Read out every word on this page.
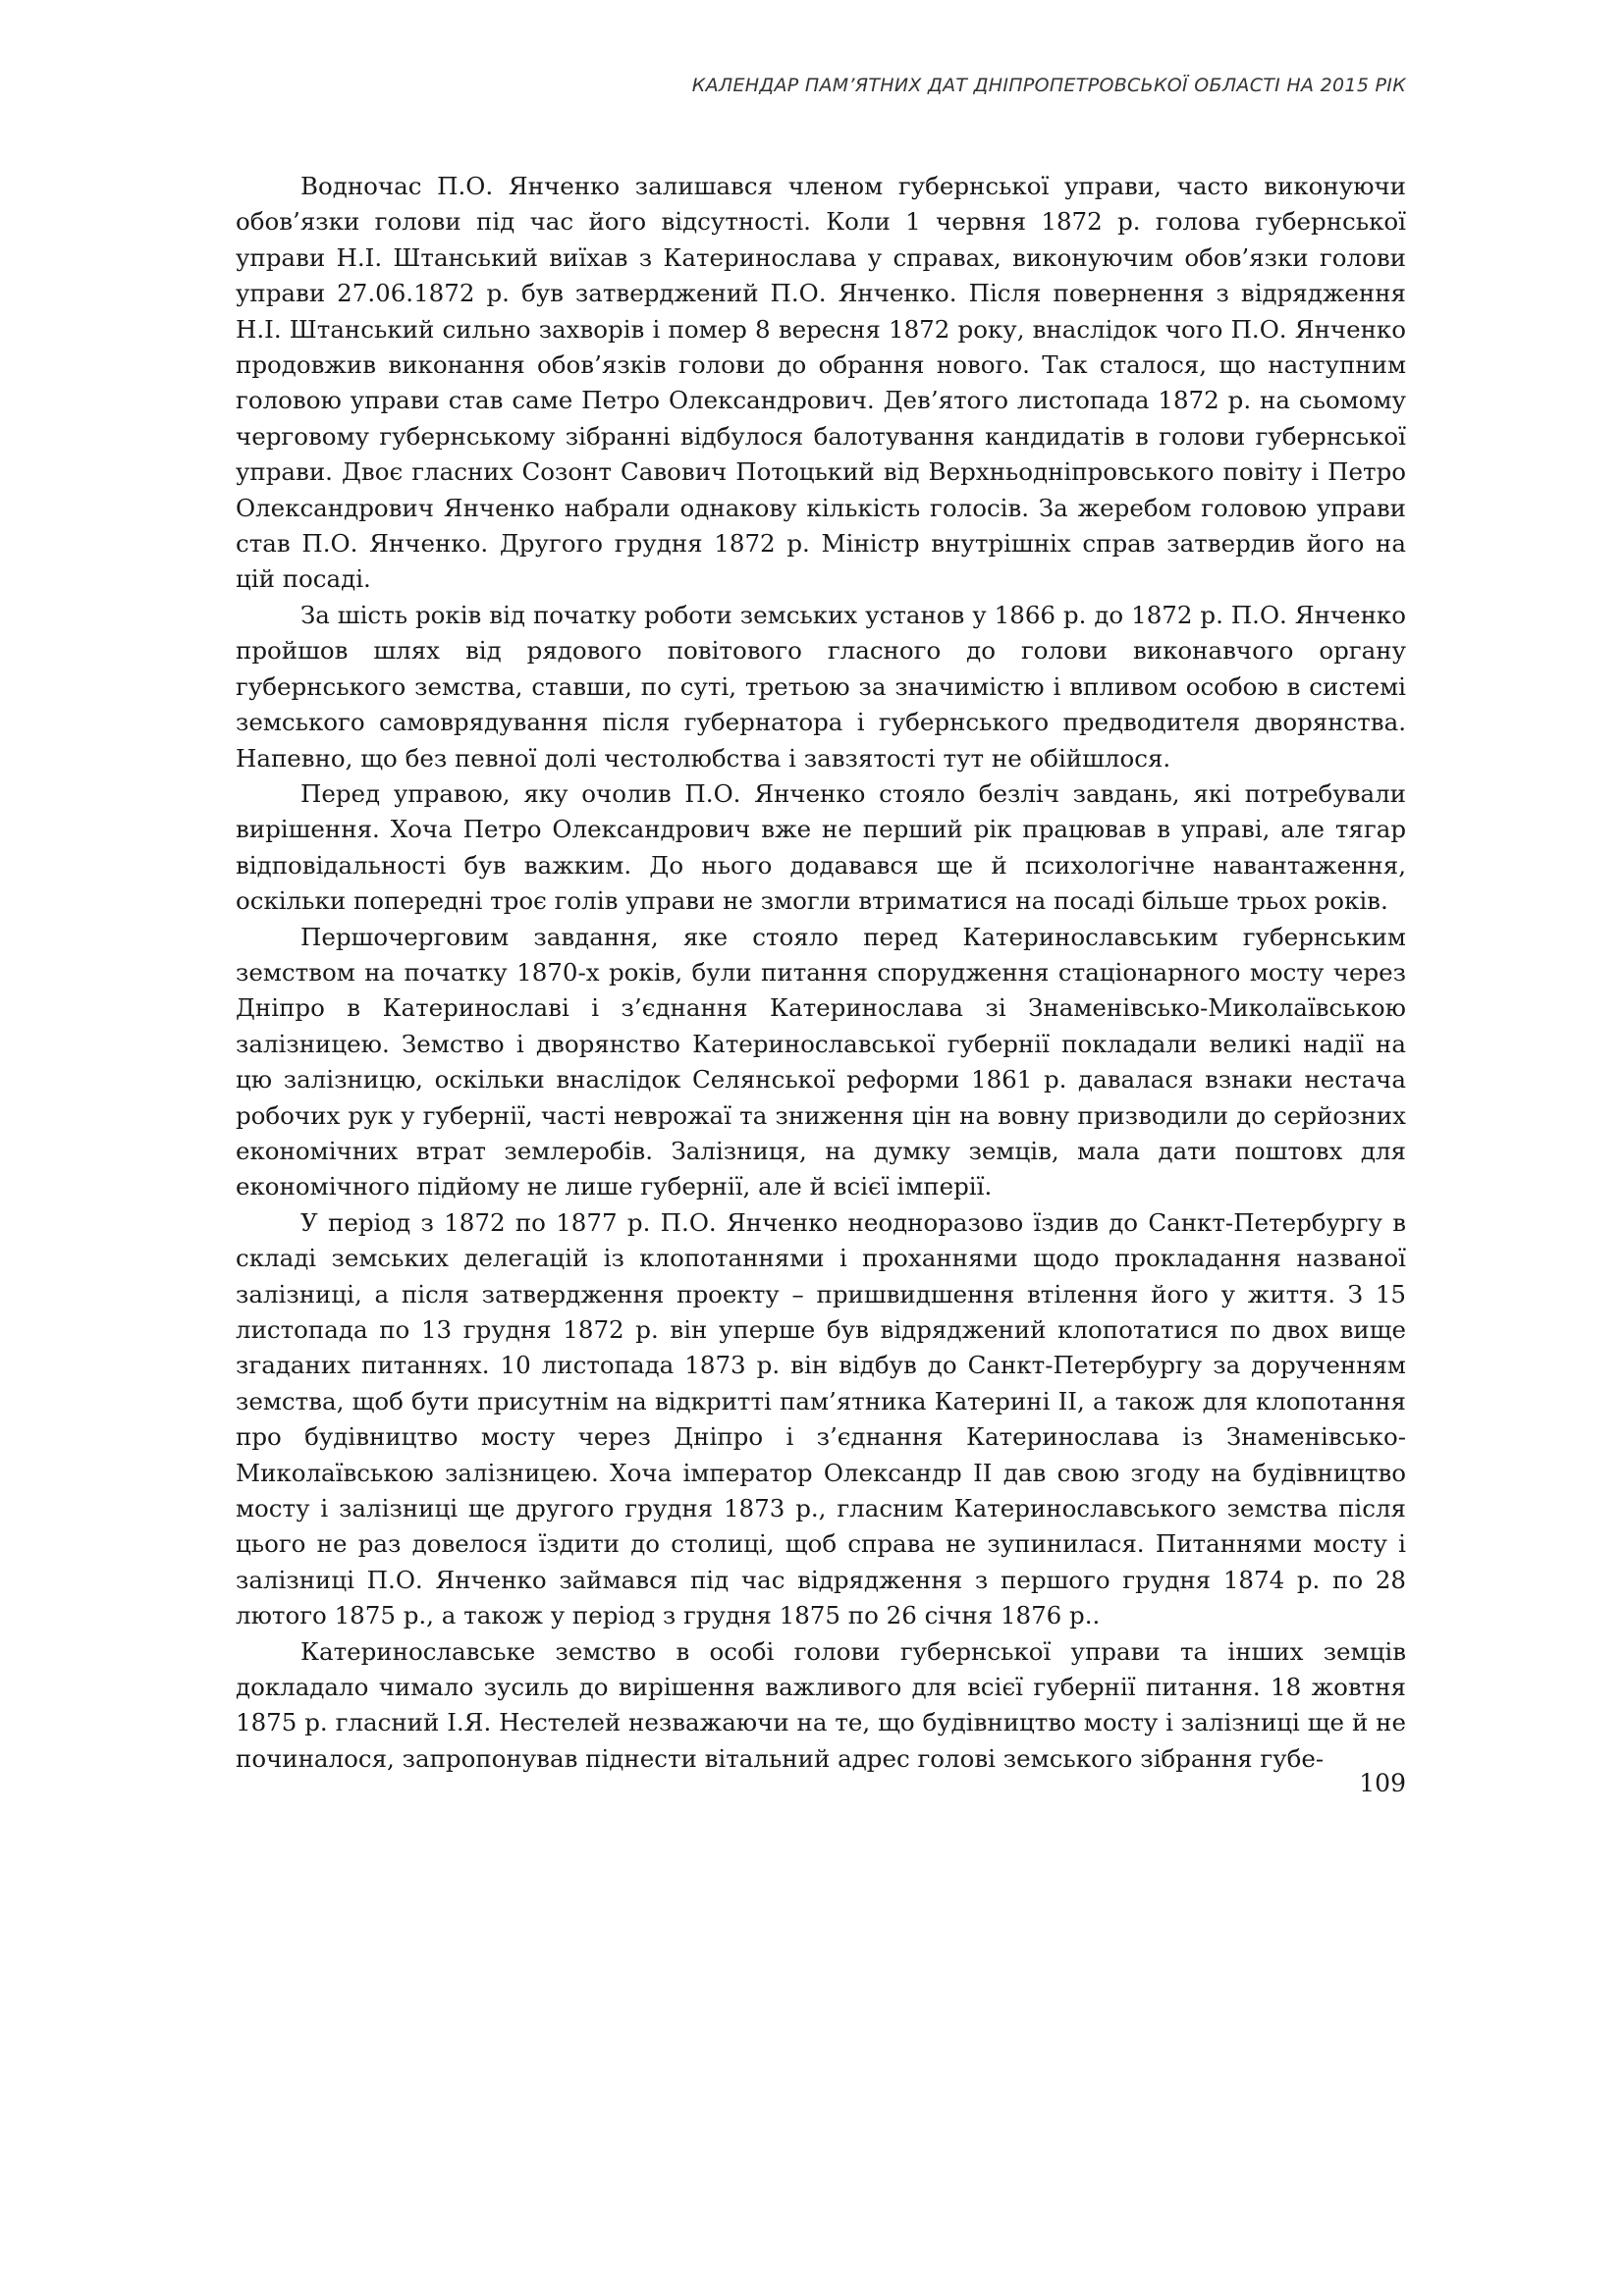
КАЛЕНДАР ПАМ’ЯТНИХ ДАТ ДНІПРОПЕТРОВСЬКОЇ ОБЛАСТІ НА 2015 РІК

Водночас П.О. Янченко залишався членом губернської управи, часто виконуючи обов’язки голови під час його відсутності. Коли 1 червня 1872 р. голова губернської управи Н.І. Штанський виїхав з Катеринослава у справах, виконуючим обов’язки голови управи 27.06.1872 р. був затверджений П.О. Янченко. Після повернення з відрядження Н.І. Штанський сильно захворів і помер 8 вересня 1872 року, внаслідок чого П.О. Янченко продовжив виконання обов’язків голови до обрання нового. Так сталося, що наступним головою управи став саме Петро Олександрович. Дев’ятого листопада 1872 р. на сьомому черговому губернському зібранні відбулося балотування кандидатів в голови губернської управи. Двоє гласних Созонт Савович Потоцький від Верхньодніпровського повіту і Петро Олександрович Янченко набрали однакову кількість голосів. За жеребом головою управи став П.О. Янченко. Другого грудня 1872 р. Міністр внутрішніх справ затвердив його на цій посаді.

За шість років від початку роботи земських установ у 1866 р. до 1872 р. П.О. Янченко пройшов шлях від рядового повітового гласного до голови виконавчого органу губернського земства, ставши, по суті, третьою за значимістю і впливом особою в системі земського самоврядування після губернатора і губернського предводителя дворянства. Напевно, що без певної долі честолюбства і завзятості тут не обійшлося.

Перед управою, яку очолив П.О. Янченко стояло безліч завдань, які потребували вирішення. Хоча Петро Олександрович вже не перший рік працював в управі, але тягар відповідальності був важким. До нього додавався ще й психологічне навантаження, оскільки попередні троє голів управи не змогли втриматися на посаді більше трьох років.

Першочерговим завдання, яке стояло перед Катеринославським губернським земством на початку 1870-х років, були питання спорудження стаціонарного мосту через Дніпро в Катеринославі і з’єднання Катеринослава зі Знаменівсько-Миколаївською залізницею. Земство і дворянство Катеринославської губернії покладали великі надії на цю залізницю, оскільки внаслідок Селянської реформи 1861 р. давалася взнаки нестача робочих рук у губернії, часті неврожаї та зниження цін на вовну призводили до серйозних економічних втрат землеробів. Залізниця, на думку земців, мала дати поштовх для економічного підйому не лише губернії, але й всієї імперії.

У період з 1872 по 1877 р. П.О. Янченко неодноразово їздив до Санкт-Петербургу в складі земських делегацій із клопотаннями і проханнями щодо прокладання названої залізниці, а після затвердження проекту – пришвидшення втілення його у життя. З 15 листопада по 13 грудня 1872 р. він уперше був відряджений клопотатися по двох вище згаданих питаннях. 10 листопада 1873 р. він відбув до Санкт-Петербургу за дорученням земства, щоб бути присутнім на відкритті пам’ятника Катерині ІІ, а також для клопотання про будівництво мосту через Дніпро і з’єднання Катеринослава із Знаменівсько-Миколаївською залізницею. Хоча імператор Олександр ІІ дав свою згоду на будівництво мосту і залізниці ще другого грудня 1873 р., гласним Катеринославського земства після цього не раз довелося їздити до столиці, щоб справа не зупинилася. Питаннями мосту і залізниці П.О. Янченко займався під час відрядження з першого грудня 1874 р. по 28 лютого 1875 р., а також у період з грудня 1875 по 26 січня 1876 р..

Катеринославське земство в особі голови губернської управи та інших земців докладало чимало зусиль до вирішення важливого для всієї губернії питання. 18 жовтня 1875 р. гласний І.Я. Нестелей незважаючи на те, що будівництво мосту і залізниці ще й не починалося, запропонував піднести вітальний адрес голові земського зібрання губе-

109
